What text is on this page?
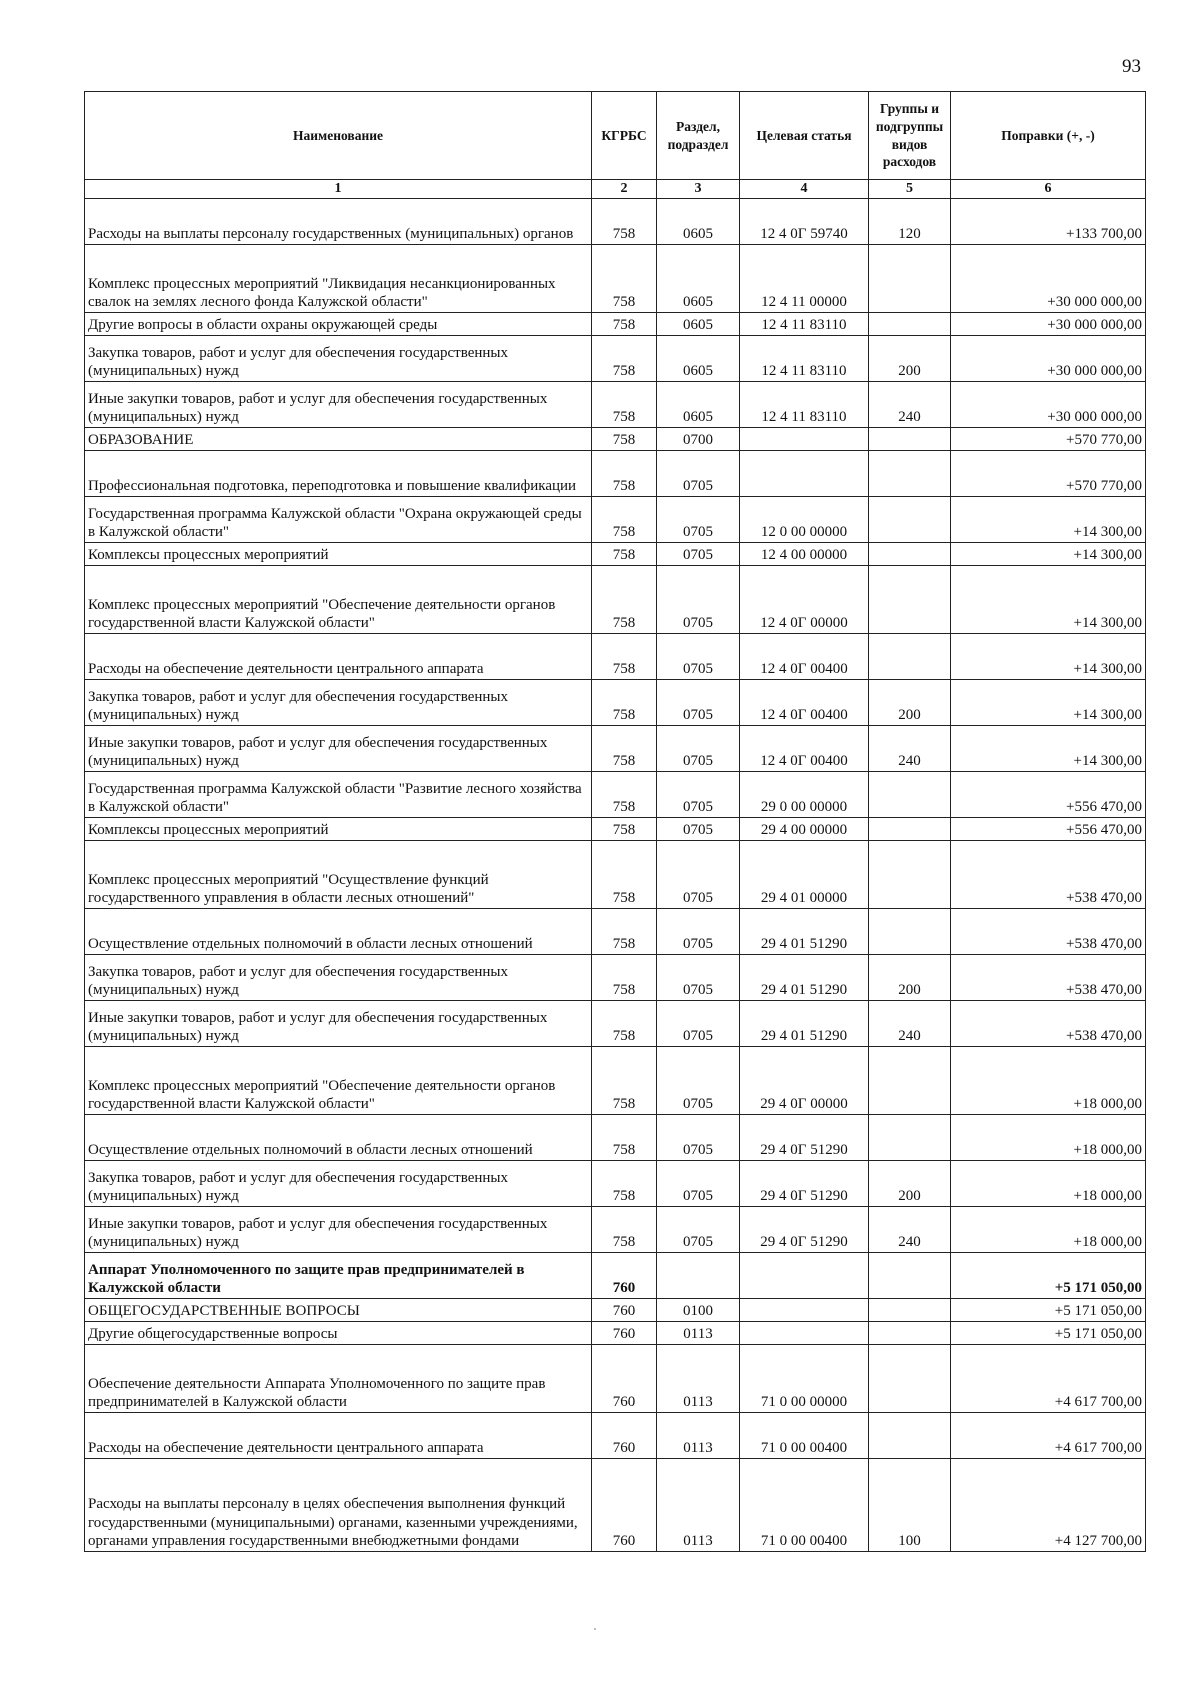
93
Наименование	КГРБС	Раздел, подраздел	Целевая статья	Группы и подгруппы видов расходов	Поправки (+, -)
1	2	3	4	5	6
Расходы на выплаты персоналу государственных (муниципальных) органов	758	0605	12 4 0Г 59740	120	+133 700,00
Комплекс процессных мероприятий "Ликвидация несанкционированных свалок на землях лесного фонда Калужской области"	758	0605	12 4 11 00000		+30 000 000,00
Другие вопросы в области охраны окружающей среды	758	0605	12 4 11 83110		+30 000 000,00
Закупка товаров, работ и услуг для обеспечения государственных (муниципальных) нужд	758	0605	12 4 11 83110	200	+30 000 000,00
Иные закупки товаров, работ и услуг для обеспечения государственных (муниципальных) нужд	758	0605	12 4 11 83110	240	+30 000 000,00
ОБРАЗОВАНИЕ	758	0700			+570 770,00
Профессиональная подготовка, переподготовка и повышение квалификации	758	0705			+570 770,00
Государственная программа Калужской области "Охрана окружающей среды в Калужской области"	758	0705	12 0 00 00000		+14 300,00
Комплексы процессных мероприятий	758	0705	12 4 00 00000		+14 300,00
Комплекс процессных мероприятий "Обеспечение деятельности органов государственной власти Калужской области"	758	0705	12 4 0Г 00000		+14 300,00
Расходы на обеспечение деятельности центрального аппарата	758	0705	12 4 0Г 00400		+14 300,00
Закупка товаров, работ и услуг для обеспечения государственных (муниципальных) нужд	758	0705	12 4 0Г 00400	200	+14 300,00
Иные закупки товаров, работ и услуг для обеспечения государственных (муниципальных) нужд	758	0705	12 4 0Г 00400	240	+14 300,00
Государственная программа Калужской области "Развитие лесного хозяйства в Калужской области"	758	0705	29 0 00 00000		+556 470,00
Комплексы процессных мероприятий	758	0705	29 4 00 00000		+556 470,00
Комплекс процессных мероприятий "Осуществление функций государственного управления в области лесных отношений"	758	0705	29 4 01 00000		+538 470,00
Осуществление отдельных полномочий в области лесных отношений	758	0705	29 4 01 51290		+538 470,00
Закупка товаров, работ и услуг для обеспечения государственных (муниципальных) нужд	758	0705	29 4 01 51290	200	+538 470,00
Иные закупки товаров, работ и услуг для обеспечения государственных (муниципальных) нужд	758	0705	29 4 01 51290	240	+538 470,00
Комплекс процессных мероприятий "Обеспечение деятельности органов государственной власти Калужской области"	758	0705	29 4 0Г 00000		+18 000,00
Осуществление отдельных полномочий в области лесных отношений	758	0705	29 4 0Г 51290		+18 000,00
Закупка товаров, работ и услуг для обеспечения государственных (муниципальных) нужд	758	0705	29 4 0Г 51290	200	+18 000,00
Иные закупки товаров, работ и услуг для обеспечения государственных (муниципальных) нужд	758	0705	29 4 0Г 51290	240	+18 000,00
Аппарат Уполномоченного по защите прав предпринимателей в Калужской области	760				+5 171 050,00
ОБЩЕГОСУДАРСТВЕННЫЕ ВОПРОСЫ	760	0100			+5 171 050,00
Другие общегосударственные вопросы	760	0113			+5 171 050,00
Обеспечение деятельности Аппарата Уполномоченного по защите прав предпринимателей в Калужской области	760	0113	71 0 00 00000		+4 617 700,00
Расходы на обеспечение деятельности центрального аппарата	760	0113	71 0 00 00400		+4 617 700,00
Расходы на выплаты персоналу в целях обеспечения выполнения функций государственными (муниципальными) органами, казенными учреждениями, органами управления государственными внебюджетными фондами	760	0113	71 0 00 00400	100	+4 127 700,00
